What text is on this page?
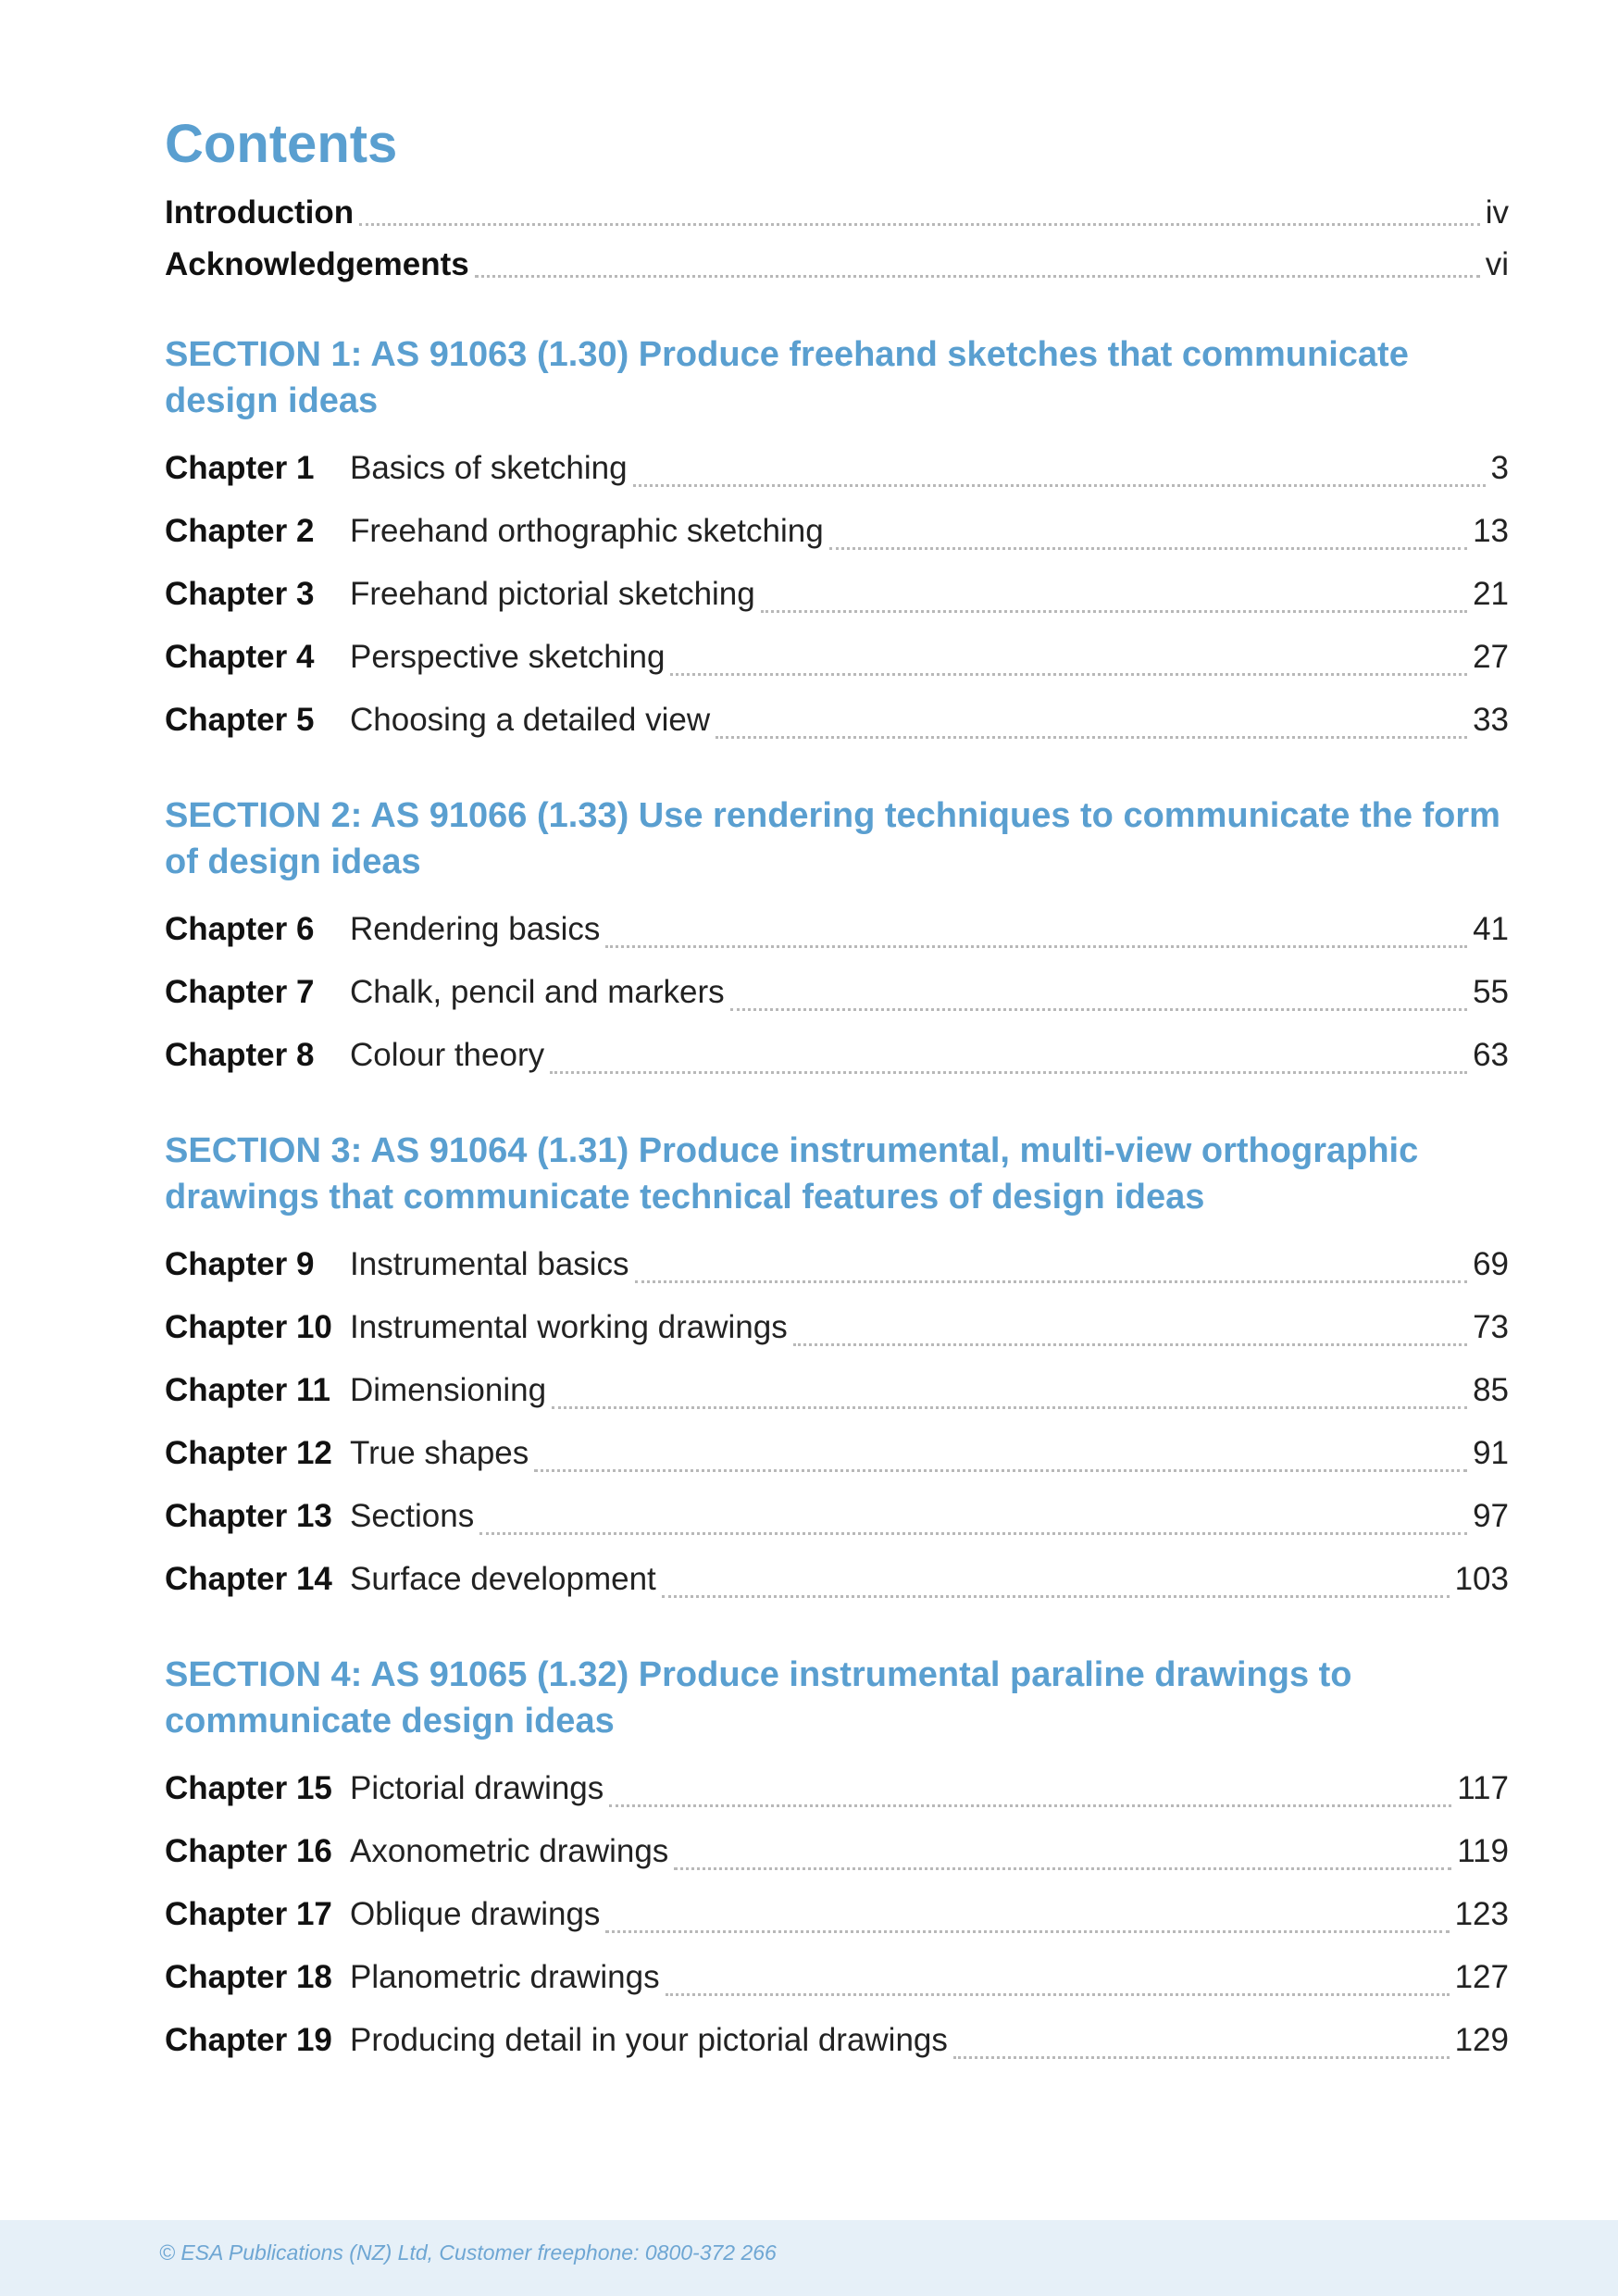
Contents
Introduction	iv
Acknowledgements	vi
SECTION 1: AS 91063 (1.30) Produce freehand sketches that communicate design ideas
Chapter 1	Basics of sketching	3
Chapter 2	Freehand orthographic sketching	13
Chapter 3	Freehand pictorial sketching	21
Chapter 4	Perspective sketching	27
Chapter 5	Choosing a detailed view	33
SECTION 2: AS 91066 (1.33) Use rendering techniques to communicate the form of design ideas
Chapter 6	Rendering basics	41
Chapter 7	Chalk, pencil and markers	55
Chapter 8	Colour theory	63
SECTION 3: AS 91064 (1.31) Produce instrumental, multi-view orthographic drawings that communicate technical features of design ideas
Chapter 9	Instrumental basics	69
Chapter 10 Instrumental working drawings	73
Chapter 11 Dimensioning	85
Chapter 12 True shapes	91
Chapter 13 Sections	97
Chapter 14 Surface development	103
SECTION 4: AS 91065 (1.32) Produce instrumental paraline drawings to communicate design ideas
Chapter 15 Pictorial drawings	117
Chapter 16 Axonometric drawings	119
Chapter 17 Oblique drawings	123
Chapter 18 Planometric drawings	127
Chapter 19 Producing detail in your pictorial drawings	129
© ESA Publications (NZ) Ltd, Customer freephone: 0800-372 266
